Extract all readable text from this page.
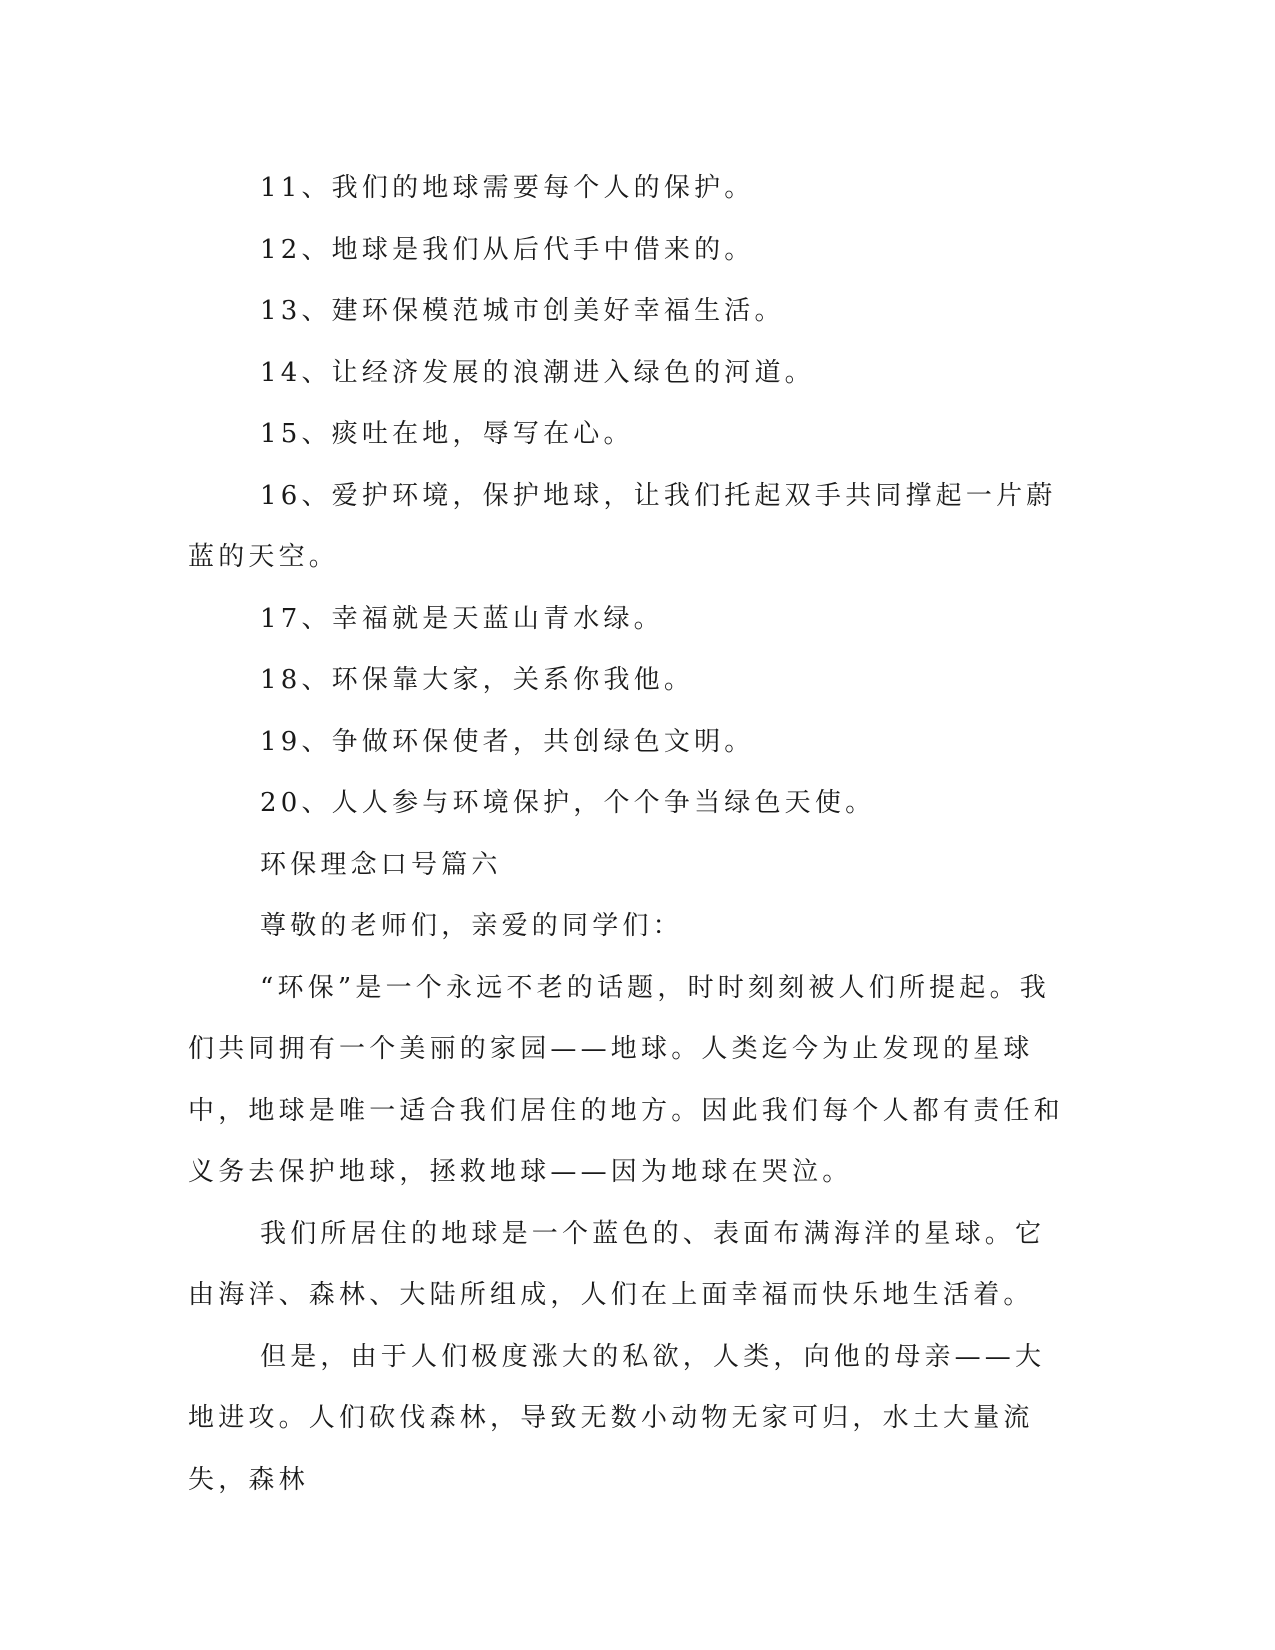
11、我们的地球需要每个人的保护。

12、地球是我们从后代手中借来的。

13、建环保模范城市创美好幸福生活。

14、让经济发展的浪潮进入绿色的河道。

15、痰吐在地，辱写在心。

16、爱护环境，保护地球，让我们托起双手共同撑起一片蔚蓝的天空。

17、幸福就是天蓝山青水绿。

18、环保靠大家，关系你我他。

19、争做环保使者，共创绿色文明。

20、人人参与环境保护，个个争当绿色天使。

环保理念口号篇六

尊敬的老师们，亲爱的同学们：

“环保”是一个永远不老的话题，时时刻刻被人们所提起。我们共同拥有一个美丽的家园——地球。人类迄今为止发现的星球中，地球是唯一适合我们居住的地方。因此我们每个人都有责任和义务去保护地球，拯救地球——因为地球在哭泣。

我们所居住的地球是一个蓝色的、表面布满海洋的星球。它由海洋、森林、大陆所组成，人们在上面幸福而快乐地生活着。

但是，由于人们极度涨大的私欲，人类，向他的母亲——大地进攻。人们砍伐森林，导致无数小动物无家可归，水土大量流失，森林
